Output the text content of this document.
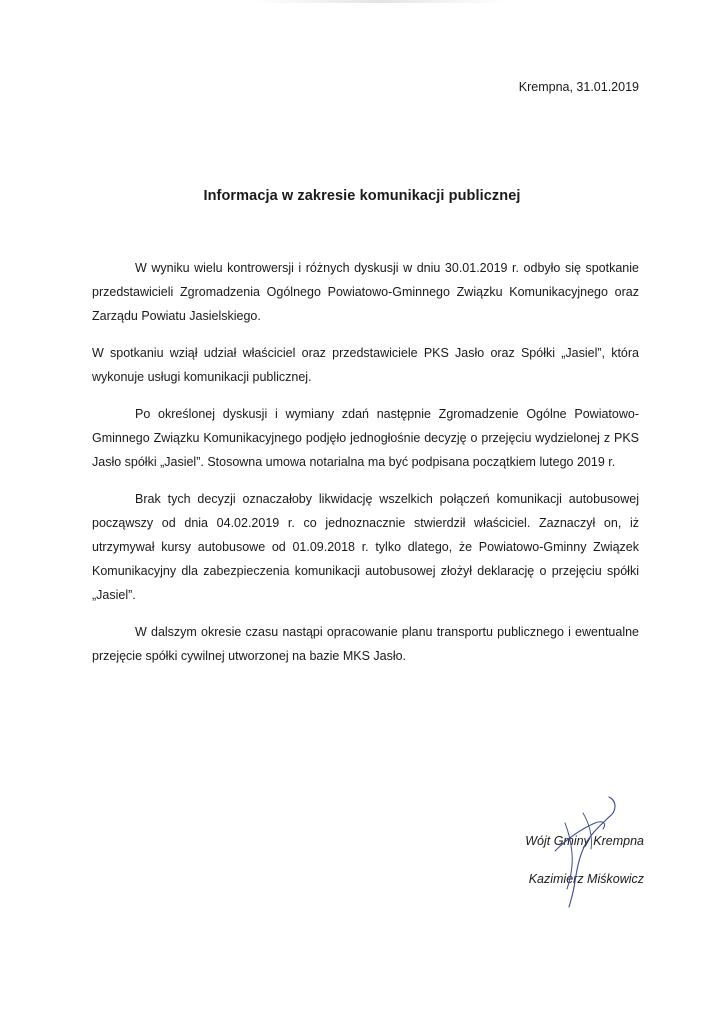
Krempna, 31.01.2019
Informacja w zakresie komunikacji publicznej

W wyniku wielu kontrowersji i różnych dyskusji w dniu 30.01.2019 r. odbyło się spotkanie przedstawicieli Zgromadzenia Ogólnego Powiatowo-Gminnego Związku Komunikacyjnego oraz Zarządu Powiatu Jasielskiego.

W spotkaniu wziął udział właściciel oraz przedstawiciele PKS Jasło oraz Spółki „Jasiel”, która wykonuje usługi komunikacji publicznej.

Po określonej dyskusji i wymiany zdań następnie Zgromadzenie Ogólne Powiatowo-Gminnego Związku Komunikacyjnego podjęło jednogłośnie decyzję o przejęciu wydzielonej z PKS Jasło spółki „Jasiel”. Stosowna umowa notarialna ma być podpisana początkiem lutego 2019 r.

Brak tych decyzji oznaczałoby likwidację wszelkich połączeń komunikacji autobusowej począwszy od dnia 04.02.2019 r. co jednoznacznie stwierdził właściciel. Zaznaczył on, iż utrzymywał kursy autobusowe od 01.09.2018 r. tylko dlatego, że Powiatowo-Gminny Związek Komunikacyjny dla zabezpieczenia komunikacji autobusowej złożył deklarację o przejęciu spółki „Jasiel”.

W dalszym okresie czasu nastąpi opracowanie planu transportu publicznego i ewentualne przejęcie spółki cywilnej utworzonej na bazie MKS Jasło.

Wójt Gminy Krempna
Kazimierz Miśkowicz
